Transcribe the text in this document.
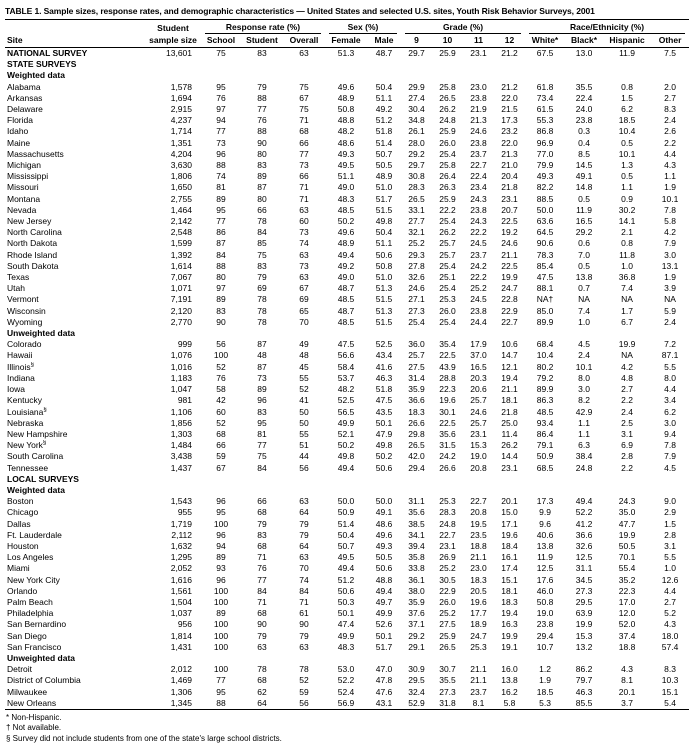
TABLE 1. Sample sizes, response rates, and demographic characteristics — United States and selected U.S. sites, Youth Risk Behavior Surveys, 2001

	Student	Response rate (%)			Sex (%)		Grade (%)				Race/Ethnicity (%)			

Site	sample size	School	Student	Overall	Female	Male	9	10	11	12	White*	Black*	Hispanic	Other
NATIONAL SURVEY	13,601	75	83	63	51.3	48.7	29.7	25.9	23.1	21.2	67.5	13.0	11.9	7.5
STATE SURVEYS														
Weighted data														
Alabama	1,578	95	79	75	49.6	50.4	29.9	25.8	23.0	21.2	61.8	35.5	0.8	2.0
Arkansas	1,694	76	88	67	48.9	51.1	27.4	26.5	23.8	22.0	73.4	22.4	1.5	2.7
Delaware	2,915	97	77	75	50.8	49.2	30.4	26.2	21.9	21.5	61.5	24.0	6.2	8.3
Florida	4,237	94	76	71	48.8	51.2	34.8	24.8	21.3	17.3	55.3	23.8	18.5	2.4
Idaho	1,714	77	88	68	48.2	51.8	26.1	25.9	24.6	23.2	86.8	0.3	10.4	2.6
Maine	1,351	73	90	66	48.6	51.4	28.0	26.0	23.8	22.0	96.9	0.4	0.5	2.2
Massachusetts	4,204	96	80	77	49.3	50.7	29.2	25.4	23.7	21.3	77.0	8.5	10.1	4.4
Michigan	3,630	88	83	73	49.5	50.5	29.7	25.8	22.7	21.0	79.9	14.5	1.3	4.3
Mississippi	1,806	74	89	66	51.1	48.9	30.8	26.4	22.4	20.4	49.3	49.1	0.5	1.1
Missouri	1,650	81	87	71	49.0	51.0	28.3	26.3	23.4	21.8	82.2	14.8	1.1	1.9
Montana	2,755	89	80	71	48.3	51.7	26.5	25.9	24.3	23.1	88.5	0.5	0.9	10.1
Nevada	1,464	95	66	63	48.5	51.5	33.1	22.2	23.8	20.7	50.0	11.9	30.2	7.8
New Jersey	2,142	77	78	60	50.2	49.8	27.7	25.4	24.3	22.5	63.6	16.5	14.1	5.8
North Carolina	2,548	86	84	73	49.6	50.4	32.1	26.2	22.2	19.2	64.5	29.2	2.1	4.2
North Dakota	1,599	87	85	74	48.9	51.1	25.2	25.7	24.5	24.6	90.6	0.6	0.8	7.9
Rhode Island	1,392	84	75	63	49.4	50.6	29.3	25.7	23.7	21.1	78.3	7.0	11.8	3.0
South Dakota	1,614	88	83	73	49.2	50.8	27.8	25.4	24.2	22.5	85.4	0.5	1.0	13.1
Texas	7,067	80	79	63	49.0	51.0	32.6	25.1	22.2	19.9	47.5	13.8	36.8	1.9
Utah	1,071	97	69	67	48.7	51.3	24.6	25.4	25.2	24.7	88.1	0.7	7.4	3.9
Vermont	7,191	89	78	69	48.5	51.5	27.1	25.3	24.5	22.8	NA†	NA	NA	NA
Wisconsin	2,120	83	78	65	48.7	51.3	27.3	26.0	23.8	22.9	85.0	7.4	1.7	5.9
Wyoming	2,770	90	78	70	48.5	51.5	25.4	25.4	24.4	22.7	89.9	1.0	6.7	2.4
Unweighted data														
Colorado	999	56	87	49	47.5	52.5	36.0	35.4	17.9	10.6	68.4	4.5	19.9	7.2
Hawaii	1,076	100	48	48	56.6	43.4	25.7	22.5	37.0	14.7	10.4	2.4	NA	87.1
Illinois§	1,016	52	87	45	58.4	41.6	27.5	43.9	16.5	12.1	80.2	10.1	4.2	5.5
Indiana	1,183	76	73	55	53.7	46.3	31.4	28.8	20.3	19.4	79.2	8.0	4.8	8.0
Iowa	1,047	58	89	52	48.2	51.8	35.9	22.3	20.6	21.1	89.9	3.0	2.7	4.4
Kentucky	981	42	96	41	52.5	47.5	36.6	19.6	25.7	18.1	86.3	8.2	2.2	3.4
Louisiana§	1,106	60	83	50	56.5	43.5	18.3	30.1	24.6	21.8	48.5	42.9	2.4	6.2
Nebraska	1,856	52	95	50	49.9	50.1	26.6	22.5	25.7	25.0	93.4	1.1	2.5	3.0
New Hampshire	1,303	68	81	55	52.1	47.9	29.8	35.6	23.1	11.4	86.4	1.1	3.1	9.4
New York§	1,484	66	77	51	50.2	49.8	26.5	31.5	15.3	26.2	79.1	6.3	6.9	7.8
South Carolina	3,438	59	75	44	49.8	50.2	42.0	24.2	19.0	14.4	50.9	38.4	2.8	7.9
Tennessee	1,437	67	84	56	49.4	50.6	29.4	26.6	20.8	23.1	68.5	24.8	2.2	4.5
LOCAL SURVEYS														
Weighted data														
Boston	1,543	96	66	63	50.0	50.0	31.1	25.3	22.7	20.1	17.3	49.4	24.3	9.0
Chicago	955	95	68	64	50.9	49.1	35.6	28.3	20.8	15.0	9.9	52.2	35.0	2.9
Dallas	1,719	100	79	79	51.4	48.6	38.5	24.8	19.5	17.1	9.6	41.2	47.7	1.5
Ft. Lauderdale	2,112	96	83	79	50.4	49.6	34.1	22.7	23.5	19.6	40.6	36.6	19.9	2.8
Houston	1,632	94	68	64	50.7	49.3	39.4	23.1	18.8	18.4	13.8	32.6	50.5	3.1
Los Angeles	1,295	89	71	63	49.5	50.5	35.8	26.9	21.1	16.1	11.9	12.5	70.1	5.5
Miami	2,052	93	76	70	49.4	50.6	33.8	25.2	23.0	17.4	12.5	31.1	55.4	1.0
New York City	1,616	96	77	74	51.2	48.8	36.1	30.5	18.3	15.1	17.6	34.5	35.2	12.6
Orlando	1,561	100	84	84	50.6	49.4	38.0	22.9	20.5	18.1	46.0	27.3	22.3	4.4
Palm Beach	1,504	100	71	71	50.3	49.7	35.9	26.0	19.6	18.3	50.8	29.5	17.0	2.7
Philadelphia	1,037	89	68	61	50.1	49.9	37.6	25.2	17.7	19.4	19.0	63.9	12.0	5.2
San Bernardino	956	100	90	90	47.4	52.6	37.1	27.5	18.9	16.3	23.8	19.9	52.0	4.3
San Diego	1,814	100	79	79	49.9	50.1	29.2	25.9	24.7	19.9	29.4	15.3	37.4	18.0
San Francisco	1,431	100	63	63	48.3	51.7	29.1	26.5	25.3	19.1	10.7	13.2	18.8	57.4
Unweighted data														
Detroit	2,012	100	78	78	53.0	47.0	30.9	30.7	21.1	16.0	1.2	86.2	4.3	8.3
District of Columbia	1,469	77	68	52	52.2	47.8	29.5	35.5	21.1	13.8	1.9	79.7	8.1	10.3
Milwaukee	1,306	95	62	59	52.4	47.6	32.4	27.3	23.7	16.2	18.5	46.3	20.1	15.1
New Orleans	1,345	88	64	56	56.9	43.1	52.9	31.8	8.1	5.8	5.3	85.5	3.7	5.4
* Non-Hispanic.
† Not available.
§ Survey did not include students from one of the state's large school districts.
